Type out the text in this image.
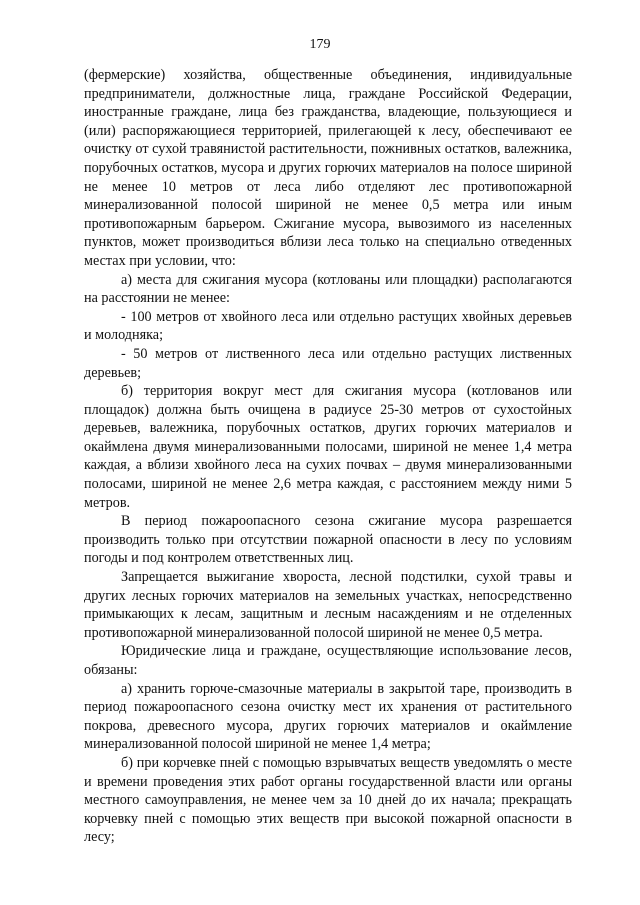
179

(фермерские) хозяйства, общественные объединения, индивидуальные предприниматели, должностные лица, граждане Российской Федерации, иностранные граждане, лица без гражданства, владеющие, пользующиеся и (или) распоряжающиеся территорией, прилегающей к лесу, обеспечивают ее очистку от сухой травянистой растительности, пожнивных остатков, валежника, порубочных остатков, мусора и других горючих материалов на полосе шириной не менее 10 метров от леса либо отделяют лес противопожарной минерализованной полосой шириной не менее 0,5 метра или иным противопожарным барьером. Сжигание мусора, вывозимого из населенных пунктов, может производиться вблизи леса только на специально отведенных местах при условии, что:

а) места для сжигания мусора (котлованы или площадки) располагаются на расстоянии не менее:

- 100 метров от хвойного леса или отдельно растущих хвойных деревьев и молодняка;

- 50 метров от лиственного леса или отдельно растущих лиственных деревьев;

б) территория вокруг мест для сжигания мусора (котлованов или площадок) должна быть очищена в радиусе 25-30 метров от сухостойных деревьев, валежника, порубочных остатков, других горючих материалов и окаймлена двумя минерализованными полосами, шириной не менее 1,4 метра каждая, а вблизи хвойного леса на сухих почвах – двумя минерализованными полосами, шириной не менее 2,6 метра каждая, с расстоянием между ними 5 метров.

В период пожароопасного сезона сжигание мусора разрешается производить только при отсутствии пожарной опасности в лесу по условиям погоды и под контролем ответственных лиц.

Запрещается выжигание хвороста, лесной подстилки, сухой травы и других лесных горючих материалов на земельных участках, непосредственно примыкающих к лесам, защитным и лесным насаждениям и не отделенных противопожарной минерализованной полосой шириной не менее 0,5 метра.

Юридические лица и граждане, осуществляющие использование лесов, обязаны:

а) хранить горюче-смазочные материалы в закрытой таре, производить в период пожароопасного сезона очистку мест их хранения от растительного покрова, древесного мусора, других горючих материалов и окаймление минерализованной полосой шириной не менее 1,4 метра;

б) при корчевке пней с помощью взрывчатых веществ уведомлять о месте и времени проведения этих работ органы государственной власти или органы местного самоуправления, не менее чем за 10 дней до их начала; прекращать корчевку пней с помощью этих веществ при высокой пожарной опасности в лесу;
